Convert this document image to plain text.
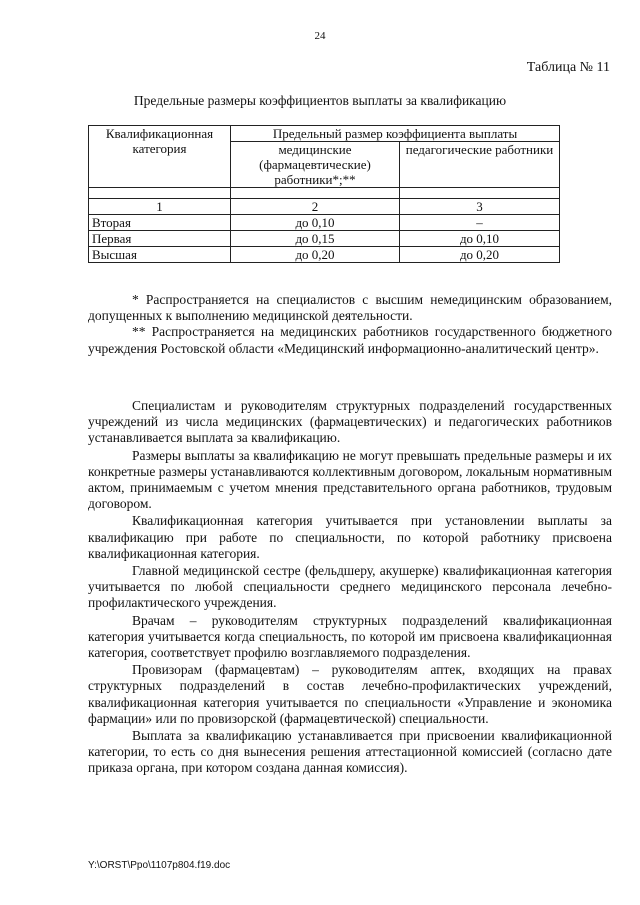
24
Таблица № 11
Предельные размеры коэффициентов выплаты за квалификацию
Квалификационная категория	Предельный размер коэффициента выплаты	
	медицинские (фармацевтические) работники*;**	педагогические работники

1	2	3
Вторая	до 0,10	–
Первая	до 0,15	до 0,10
Высшая	до 0,20	до 0,20

* Распространяется на специалистов с высшим немедицинским образованием, допущенных к выполнению медицинской деятельности.

** Распространяется на медицинских работников государственного бюджетного учреждения Ростовской области «Медицинский информационно-аналитический центр».

Специалистам и руководителям структурных подразделений государственных учреждений из числа медицинских (фармацевтических) и педагогических работников устанавливается выплата за квалификацию.

Размеры выплаты за квалификацию не могут превышать предельные размеры и их конкретные размеры устанавливаются коллективным договором, локальным нормативным актом, принимаемым с учетом мнения представительного органа работников, трудовым договором.

Квалификационная категория учитывается при установлении выплаты за квалификацию при работе по специальности, по которой работнику присвоена квалификационная категория.

Главной медицинской сестре (фельдшеру, акушерке) квалификационная категория учитывается по любой специальности среднего медицинского персонала лечебно-профилактического учреждения.

Врачам – руководителям структурных подразделений квалификационная категория учитывается когда специальность, по которой им присвоена квалификационная категория, соответствует профилю возглавляемого подразделения.

Провизорам (фармацевтам) – руководителям аптек, входящих на правах структурных подразделений в состав лечебно-профилактических учреждений, квалификационная категория учитывается по специальности «Управление и экономика фармации» или по провизорской (фармацевтической) специальности.

Выплата за квалификацию устанавливается при присвоении квалификационной категории, то есть со дня вынесения решения аттестационной комиссией (согласно дате приказа органа, при котором создана данная комиссия).

Y:\ORST\Ppo\1107p804.f19.doc
